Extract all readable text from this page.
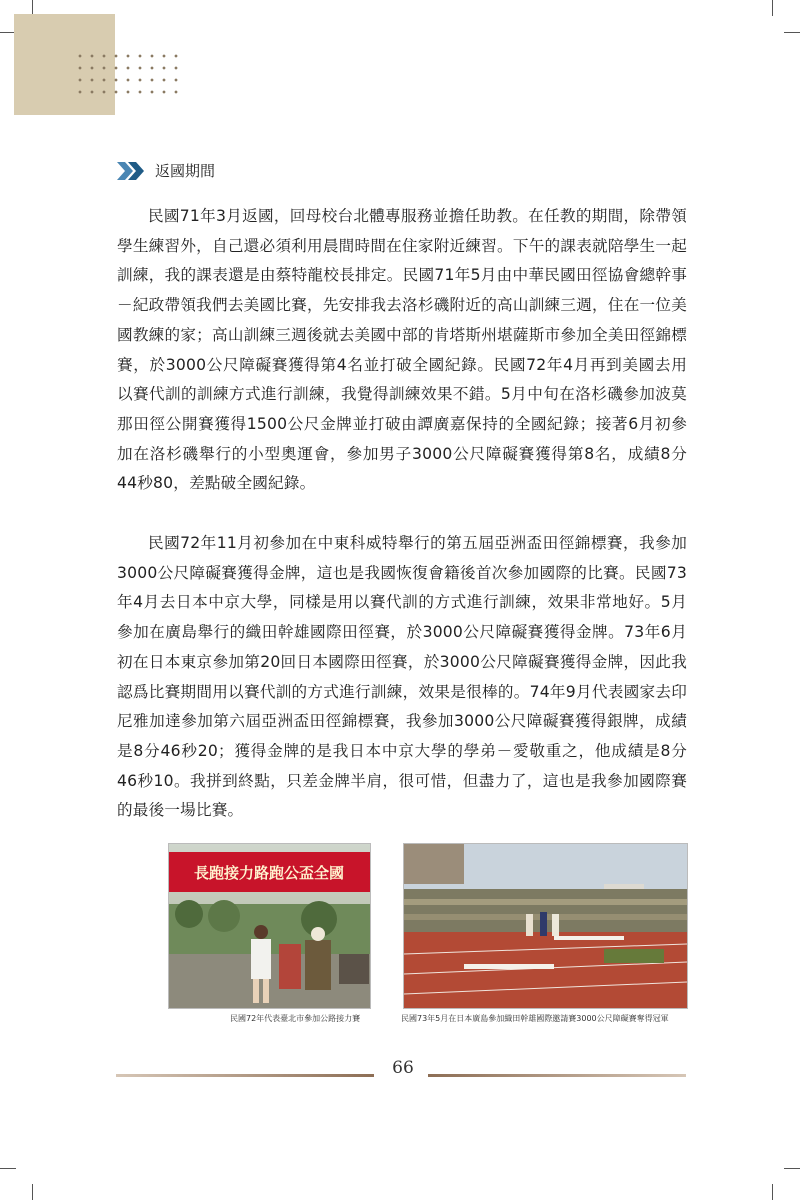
返國期間

民國71年3月返國，回母校台北體專服務並擔任助教。在任教的期間，除帶領學生練習外，自己還必須利用晨間時間在住家附近練習。下午的課表就陪學生一起訓練，我的課表還是由蔡特龍校長排定。民國71年5月由中華民國田徑協會總幹事－紀政帶領我們去美國比賽，先安排我去洛杉磯附近的高山訓練三週，住在一位美國教練的家；高山訓練三週後就去美國中部的肯塔斯州堪薩斯市參加全美田徑錦標賽，於3000公尺障礙賽獲得第4名並打破全國紀錄。民國72年4月再到美國去用以賽代訓的訓練方式進行訓練，我覺得訓練效果不錯。5月中旬在洛杉磯參加波莫那田徑公開賽獲得1500公尺金牌並打破由譚廣嘉保持的全國紀錄；接著6月初參加在洛杉磯舉行的小型奧運會，參加男子3000公尺障礙賽獲得第8名，成績8分44秒80，差點破全國紀錄。

民國72年11月初參加在中東科威特舉行的第五屆亞洲盃田徑錦標賽，我參加3000公尺障礙賽獲得金牌，這也是我國恢復會籍後首次參加國際的比賽。民國73年4月去日本中京大學，同樣是用以賽代訓的方式進行訓練，效果非常地好。5月參加在廣島舉行的織田幹雄國際田徑賽，於3000公尺障礙賽獲得金牌。73年6月初在日本東京參加第20回日本國際田徑賽，於3000公尺障礙賽獲得金牌，因此我認爲比賽期間用以賽代訓的方式進行訓練，效果是很棒的。74年9月代表國家去印尼雅加達參加第六屆亞洲盃田徑錦標賽，我參加3000公尺障礙賽獲得銀牌，成績是8分46秒20；獲得金牌的是我日本中京大學的學弟－愛敬重之，他成績是8分46秒10。我拼到終點，只差金牌半肩，很可惜，但盡力了，這也是我參加國際賽的最後一場比賽。

長跑接力路跑公盃全國
民國72年代表臺北市參加公路接力賽	民國73年5月在日本廣島參加織田幹雄國際邀請賽3000公尺障礙賽奪得冠軍
66
